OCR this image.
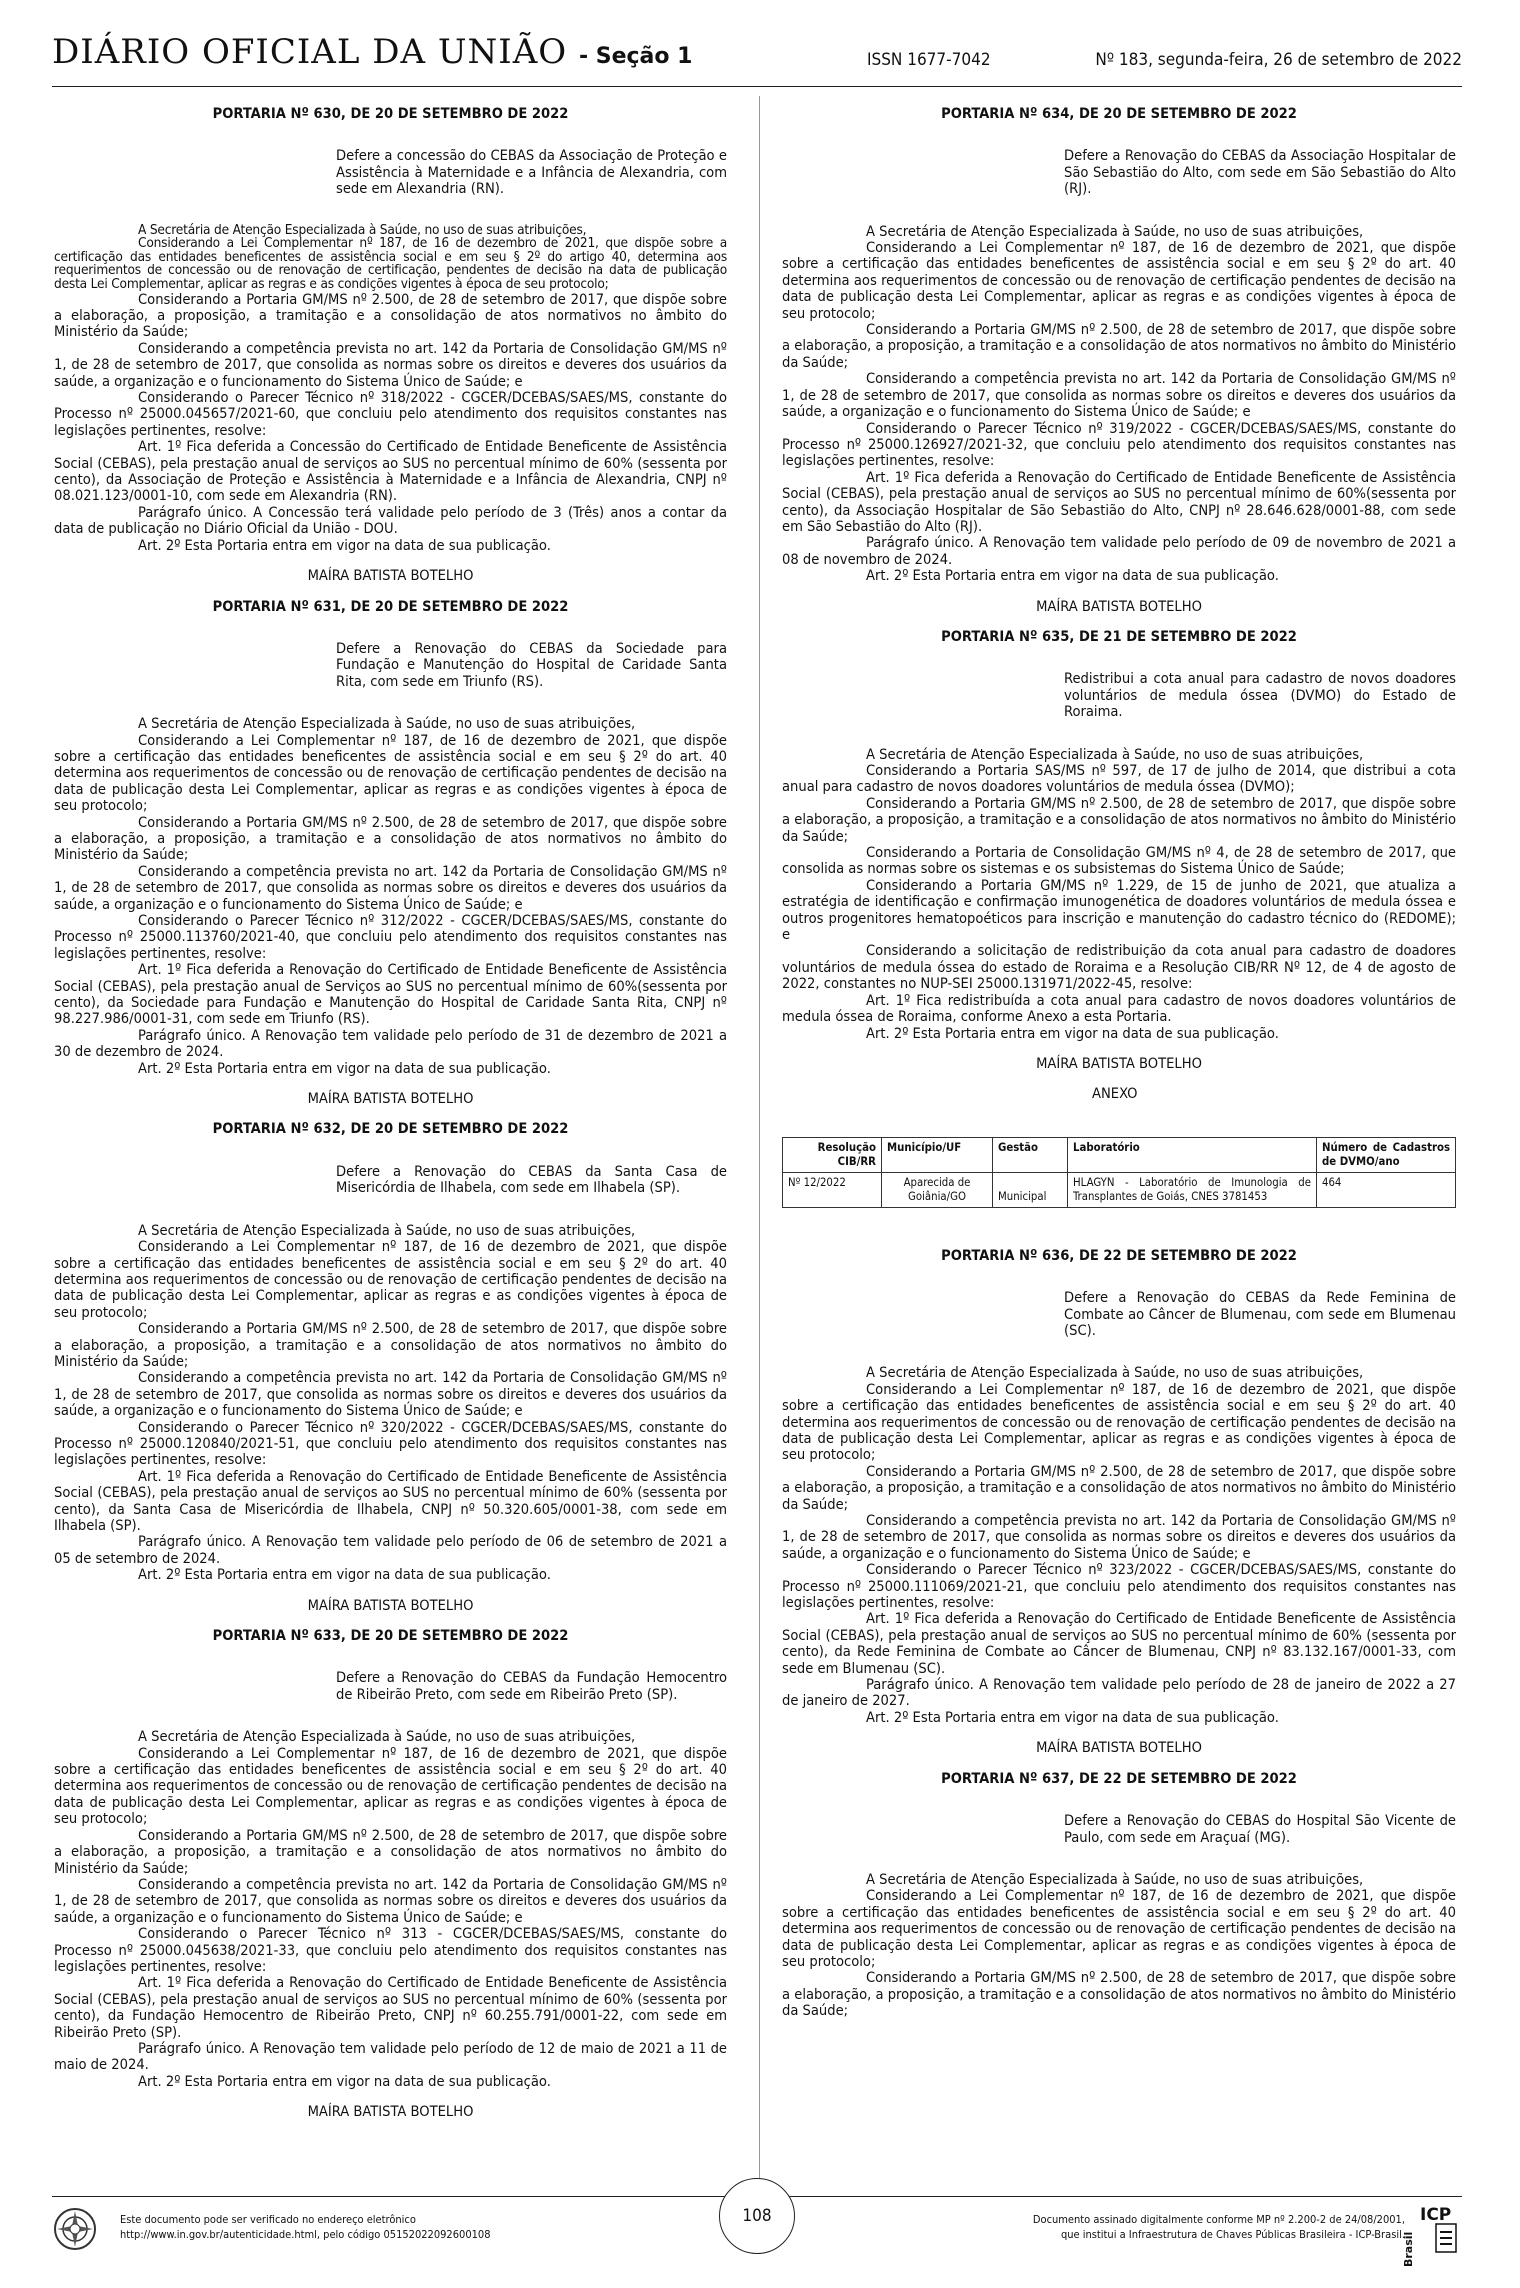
DIÁRIO OFICIAL DA UNIÃO - Seção 1	ISSN 1677-7042	Nº 183, segunda-feira, 26 de setembro de 2022
PORTARIA Nº 630, DE 20 DE SETEMBRO DE 2022
Defere a concessão do CEBAS da Associação de Proteção e Assistência à Maternidade e a Infância de Alexandria, com sede em Alexandria (RN).
A Secretária de Atenção Especializada à Saúde, no uso de suas atribuições,
Considerando a Lei Complementar nº 187, de 16 de dezembro de 2021, que dispõe sobre a certificação das entidades beneficentes de assistência social e em seu § 2º do artigo 40, determina aos requerimentos de concessão ou de renovação de certificação, pendentes de decisão na data de publicação desta Lei Complementar, aplicar as regras e as condições vigentes à época de seu protocolo;
Considerando a Portaria GM/MS nº 2.500, de 28 de setembro de 2017, que dispõe sobre a elaboração, a proposição, a tramitação e a consolidação de atos normativos no âmbito do Ministério da Saúde;
Considerando a competência prevista no art. 142 da Portaria de Consolidação GM/MS nº 1, de 28 de setembro de 2017, que consolida as normas sobre os direitos e deveres dos usuários da saúde, a organização e o funcionamento do Sistema Único de Saúde; e
Considerando o Parecer Técnico nº 318/2022 - CGCER/DCEBAS/SAES/MS, constante do Processo nº 25000.045657/2021-60, que concluiu pelo atendimento dos requisitos constantes nas legislações pertinentes, resolve:
Art. 1º Fica deferida a Concessão do Certificado de Entidade Beneficente de Assistência Social (CEBAS), pela prestação anual de serviços ao SUS no percentual mínimo de 60% (sessenta por cento), da Associação de Proteção e Assistência à Maternidade e a Infância de Alexandria, CNPJ nº 08.021.123/0001-10, com sede em Alexandria (RN).
Parágrafo único. A Concessão terá validade pelo período de 3 (Três) anos a contar da data de publicação no Diário Oficial da União - DOU.
Art. 2º Esta Portaria entra em vigor na data de sua publicação.
MAÍRA BATISTA BOTELHO
PORTARIA Nº 631, DE 20 DE SETEMBRO DE 2022
Defere a Renovação do CEBAS da Sociedade para Fundação e Manutenção do Hospital de Caridade Santa Rita, com sede em Triunfo (RS).
A Secretária de Atenção Especializada à Saúde, no uso de suas atribuições,
Considerando a Lei Complementar nº 187, de 16 de dezembro de 2021, que dispõe sobre a certificação das entidades beneficentes de assistência social e em seu § 2º do art. 40 determina aos requerimentos de concessão ou de renovação de certificação pendentes de decisão na data de publicação desta Lei Complementar, aplicar as regras e as condições vigentes à época de seu protocolo;
Considerando a Portaria GM/MS nº 2.500, de 28 de setembro de 2017, que dispõe sobre a elaboração, a proposição, a tramitação e a consolidação de atos normativos no âmbito do Ministério da Saúde;
Considerando a competência prevista no art. 142 da Portaria de Consolidação GM/MS nº 1, de 28 de setembro de 2017, que consolida as normas sobre os direitos e deveres dos usuários da saúde, a organização e o funcionamento do Sistema Único de Saúde; e
Considerando o Parecer Técnico nº 312/2022 - CGCER/DCEBAS/SAES/MS, constante do Processo nº 25000.113760/2021-40, que concluiu pelo atendimento dos requisitos constantes nas legislações pertinentes, resolve:
Art. 1º Fica deferida a Renovação do Certificado de Entidade Beneficente de Assistência Social (CEBAS), pela prestação anual de Serviços ao SUS no percentual mínimo de 60%(sessenta por cento), da Sociedade para Fundação e Manutenção do Hospital de Caridade Santa Rita, CNPJ nº 98.227.986/0001-31, com sede em Triunfo (RS).
Parágrafo único. A Renovação tem validade pelo período de 31 de dezembro de 2021 a 30 de dezembro de 2024.
Art. 2º Esta Portaria entra em vigor na data de sua publicação.
MAÍRA BATISTA BOTELHO
PORTARIA Nº 632, DE 20 DE SETEMBRO DE 2022
Defere a Renovação do CEBAS da Santa Casa de Misericórdia de Ilhabela, com sede em Ilhabela (SP).
A Secretária de Atenção Especializada à Saúde, no uso de suas atribuições,
Considerando a Lei Complementar nº 187, de 16 de dezembro de 2021, que dispõe sobre a certificação das entidades beneficentes de assistência social e em seu § 2º do art. 40 determina aos requerimentos de concessão ou de renovação de certificação pendentes de decisão na data de publicação desta Lei Complementar, aplicar as regras e as condições vigentes à época de seu protocolo;
Considerando a Portaria GM/MS nº 2.500, de 28 de setembro de 2017, que dispõe sobre a elaboração, a proposição, a tramitação e a consolidação de atos normativos no âmbito do Ministério da Saúde;
Considerando a competência prevista no art. 142 da Portaria de Consolidação GM/MS nº 1, de 28 de setembro de 2017, que consolida as normas sobre os direitos e deveres dos usuários da saúde, a organização e o funcionamento do Sistema Único de Saúde; e
Considerando o Parecer Técnico nº 320/2022 - CGCER/DCEBAS/SAES/MS, constante do Processo nº 25000.120840/2021-51, que concluiu pelo atendimento dos requisitos constantes nas legislações pertinentes, resolve:
Art. 1º Fica deferida a Renovação do Certificado de Entidade Beneficente de Assistência Social (CEBAS), pela prestação anual de serviços ao SUS no percentual mínimo de 60% (sessenta por cento), da Santa Casa de Misericórdia de Ilhabela, CNPJ nº 50.320.605/0001-38, com sede em Ilhabela (SP).
Parágrafo único. A Renovação tem validade pelo período de 06 de setembro de 2021 a 05 de setembro de 2024.
Art. 2º Esta Portaria entra em vigor na data de sua publicação.
MAÍRA BATISTA BOTELHO
PORTARIA Nº 633, DE 20 DE SETEMBRO DE 2022
Defere a Renovação do CEBAS da Fundação Hemocentro de Ribeirão Preto, com sede em Ribeirão Preto (SP).
A Secretária de Atenção Especializada à Saúde, no uso de suas atribuições,
Considerando a Lei Complementar nº 187, de 16 de dezembro de 2021, que dispõe sobre a certificação das entidades beneficentes de assistência social e em seu § 2º do art. 40 determina aos requerimentos de concessão ou de renovação de certificação pendentes de decisão na data de publicação desta Lei Complementar, aplicar as regras e as condições vigentes à época de seu protocolo;
Considerando a Portaria GM/MS nº 2.500, de 28 de setembro de 2017, que dispõe sobre a elaboração, a proposição, a tramitação e a consolidação de atos normativos no âmbito do Ministério da Saúde;
Considerando a competência prevista no art. 142 da Portaria de Consolidação GM/MS nº 1, de 28 de setembro de 2017, que consolida as normas sobre os direitos e deveres dos usuários da saúde, a organização e o funcionamento do Sistema Único de Saúde; e
Considerando o Parecer Técnico nº 313 - CGCER/DCEBAS/SAES/MS, constante do Processo nº 25000.045638/2021-33, que concluiu pelo atendimento dos requisitos constantes nas legislações pertinentes, resolve:
Art. 1º Fica deferida a Renovação do Certificado de Entidade Beneficente de Assistência Social (CEBAS), pela prestação anual de serviços ao SUS no percentual mínimo de 60% (sessenta por cento), da Fundação Hemocentro de Ribeirão Preto, CNPJ nº 60.255.791/0001-22, com sede em Ribeirão Preto (SP).
Parágrafo único. A Renovação tem validade pelo período de 12 de maio de 2021 a 11 de maio de 2024.
Art. 2º Esta Portaria entra em vigor na data de sua publicação.
MAÍRA BATISTA BOTELHO
PORTARIA Nº 634, DE 20 DE SETEMBRO DE 2022
Defere a Renovação do CEBAS da Associação Hospitalar de São Sebastião do Alto, com sede em São Sebastião do Alto (RJ).
A Secretária de Atenção Especializada à Saúde, no uso de suas atribuições,
Considerando a Lei Complementar nº 187, de 16 de dezembro de 2021, que dispõe sobre a certificação das entidades beneficentes de assistência social e em seu § 2º do art. 40 determina aos requerimentos de concessão ou de renovação de certificação pendentes de decisão na data de publicação desta Lei Complementar, aplicar as regras e as condições vigentes à época de seu protocolo;
Considerando a Portaria GM/MS nº 2.500, de 28 de setembro de 2017, que dispõe sobre a elaboração, a proposição, a tramitação e a consolidação de atos normativos no âmbito do Ministério da Saúde;
Considerando a competência prevista no art. 142 da Portaria de Consolidação GM/MS nº 1, de 28 de setembro de 2017, que consolida as normas sobre os direitos e deveres dos usuários da saúde, a organização e o funcionamento do Sistema Único de Saúde; e
Considerando o Parecer Técnico nº 319/2022 - CGCER/DCEBAS/SAES/MS, constante do Processo nº 25000.126927/2021-32, que concluiu pelo atendimento dos requisitos constantes nas legislações pertinentes, resolve:
Art. 1º Fica deferida a Renovação do Certificado de Entidade Beneficente de Assistência Social (CEBAS), pela prestação anual de serviços ao SUS no percentual mínimo de 60%(sessenta por cento), da Associação Hospitalar de São Sebastião do Alto, CNPJ nº 28.646.628/0001-88, com sede em São Sebastião do Alto (RJ).
Parágrafo único. A Renovação tem validade pelo período de 09 de novembro de 2021 a 08 de novembro de 2024.
Art. 2º Esta Portaria entra em vigor na data de sua publicação.
MAÍRA BATISTA BOTELHO
PORTARIA Nº 635, DE 21 DE SETEMBRO DE 2022
Redistribui a cota anual para cadastro de novos doadores voluntários de medula óssea (DVMO) do Estado de Roraima.
A Secretária de Atenção Especializada à Saúde, no uso de suas atribuições,
Considerando a Portaria SAS/MS nº 597, de 17 de julho de 2014, que distribui a cota anual para cadastro de novos doadores voluntários de medula óssea (DVMO);
Considerando a Portaria GM/MS nº 2.500, de 28 de setembro de 2017, que dispõe sobre a elaboração, a proposição, a tramitação e a consolidação de atos normativos no âmbito do Ministério da Saúde;
Considerando a Portaria de Consolidação GM/MS nº 4, de 28 de setembro de 2017, que consolida as normas sobre os sistemas e os subsistemas do Sistema Único de Saúde;
Considerando a Portaria GM/MS nº 1.229, de 15 de junho de 2021, que atualiza a estratégia de identificação e confirmação imunogenética de doadores voluntários de medula óssea e outros progenitores hematopoéticos para inscrição e manutenção do cadastro técnico do (REDOME); e
Considerando a solicitação de redistribuição da cota anual para cadastro de doadores voluntários de medula óssea do estado de Roraima e a Resolução CIB/RR Nº 12, de 4 de agosto de 2022, constantes no NUP-SEI 25000.131971/2022-45, resolve:
Art. 1º Fica redistribuída a cota anual para cadastro de novos doadores voluntários de medula óssea de Roraima, conforme Anexo a esta Portaria.
Art. 2º Esta Portaria entra em vigor na data de sua publicação.
MAÍRA BATISTA BOTELHO
ANEXO
Resolução CIB/RR	Município/UF	Gestão	Laboratório	Número de Cadastros de DVMO/ano
Nº 12/2022	Aparecida de Goiânia/GO	Municipal	HLAGYN - Laboratório de Imunologia de Transplantes de Goiás, CNES 3781453	464
PORTARIA Nº 636, DE 22 DE SETEMBRO DE 2022
Defere a Renovação do CEBAS da Rede Feminina de Combate ao Câncer de Blumenau, com sede em Blumenau (SC).
A Secretária de Atenção Especializada à Saúde, no uso de suas atribuições,
Considerando a Lei Complementar nº 187, de 16 de dezembro de 2021, que dispõe sobre a certificação das entidades beneficentes de assistência social e em seu § 2º do art. 40 determina aos requerimentos de concessão ou de renovação de certificação pendentes de decisão na data de publicação desta Lei Complementar, aplicar as regras e as condições vigentes à época de seu protocolo;
Considerando a Portaria GM/MS nº 2.500, de 28 de setembro de 2017, que dispõe sobre a elaboração, a proposição, a tramitação e a consolidação de atos normativos no âmbito do Ministério da Saúde;
Considerando a competência prevista no art. 142 da Portaria de Consolidação GM/MS nº 1, de 28 de setembro de 2017, que consolida as normas sobre os direitos e deveres dos usuários da saúde, a organização e o funcionamento do Sistema Único de Saúde; e
Considerando o Parecer Técnico nº 323/2022 - CGCER/DCEBAS/SAES/MS, constante do Processo nº 25000.111069/2021-21, que concluiu pelo atendimento dos requisitos constantes nas legislações pertinentes, resolve:
Art. 1º Fica deferida a Renovação do Certificado de Entidade Beneficente de Assistência Social (CEBAS), pela prestação anual de serviços ao SUS no percentual mínimo de 60% (sessenta por cento), da Rede Feminina de Combate ao Câncer de Blumenau, CNPJ nº 83.132.167/0001-33, com sede em Blumenau (SC).
Parágrafo único. A Renovação tem validade pelo período de 28 de janeiro de 2022 a 27 de janeiro de 2027.
Art. 2º Esta Portaria entra em vigor na data de sua publicação.
MAÍRA BATISTA BOTELHO
PORTARIA Nº 637, DE 22 DE SETEMBRO DE 2022
Defere a Renovação do CEBAS do Hospital São Vicente de Paulo, com sede em Araçuaí (MG).
A Secretária de Atenção Especializada à Saúde, no uso de suas atribuições,
Considerando a Lei Complementar nº 187, de 16 de dezembro de 2021, que dispõe sobre a certificação das entidades beneficentes de assistência social e em seu § 2º do art. 40 determina aos requerimentos de concessão ou de renovação de certificação pendentes de decisão na data de publicação desta Lei Complementar, aplicar as regras e as condições vigentes à época de seu protocolo;
Considerando a Portaria GM/MS nº 2.500, de 28 de setembro de 2017, que dispõe sobre a elaboração, a proposição, a tramitação e a consolidação de atos normativos no âmbito do Ministério da Saúde;
Este documento pode ser verificado no endereço eletrônico
http://www.in.gov.br/autenticidade.html, pelo código 05152022092600108
108	Documento assinado digitalmente conforme MP nº 2.200-2 de 24/08/2001,
que institui a Infraestrutura de Chaves Públicas Brasileira - ICP-Brasil.
ICP
Brasil
